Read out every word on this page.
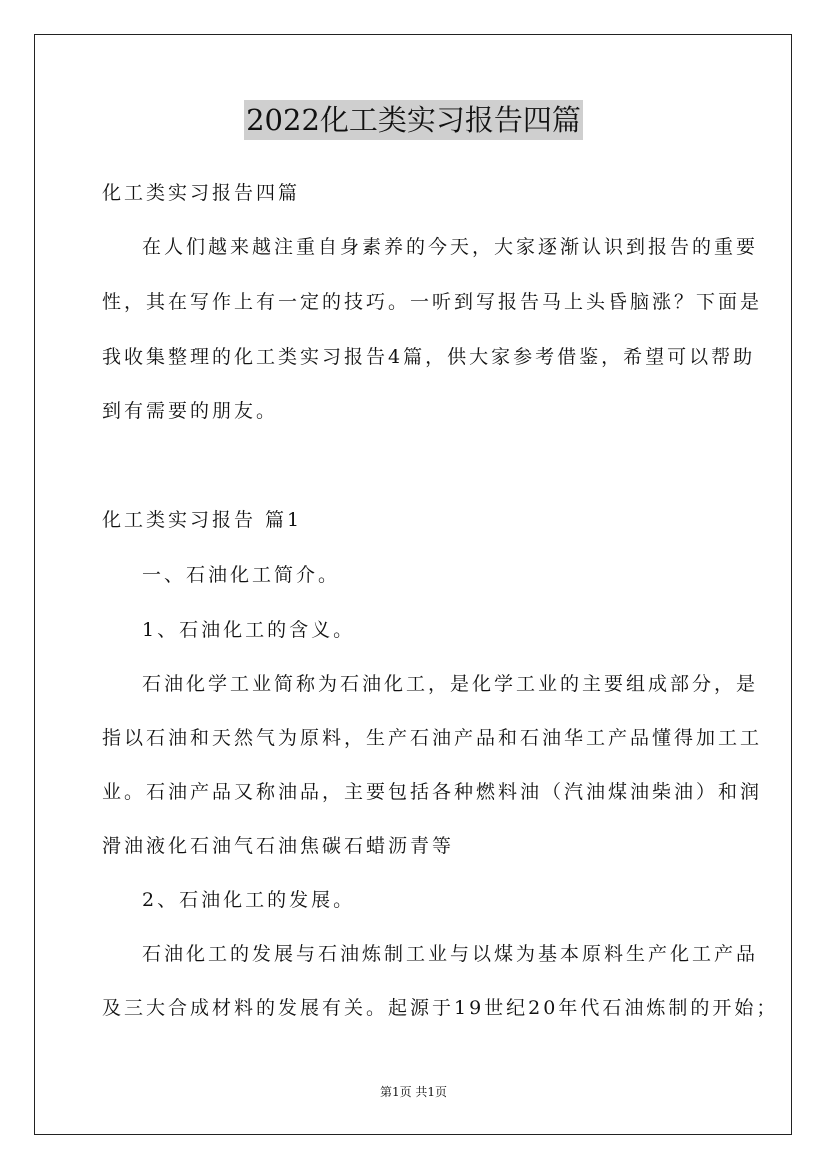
2022化工类实习报告四篇
化工类实习报告四篇
在人们越来越注重自身素养的今天，大家逐渐认识到报告的重要
性，其在写作上有一定的技巧。一听到写报告马上头昏脑涨？下面是
我收集整理的化工类实习报告4篇，供大家参考借鉴，希望可以帮助
到有需要的朋友。
化工类实习报告 篇1
一、石油化工简介。
1、石油化工的含义。
石油化学工业简称为石油化工，是化学工业的主要组成部分，是
指以石油和天然气为原料，生产石油产品和石油华工产品懂得加工工
业。石油产品又称油品，主要包括各种燃料油（汽油煤油柴油）和润
滑油液化石油气石油焦碳石蜡沥青等
2、石油化工的发展。
石油化工的发展与石油炼制工业与以煤为基本原料生产化工产品
及三大合成材料的发展有关。起源于19世纪20年代石油炼制的开始；
第1页 共1页
